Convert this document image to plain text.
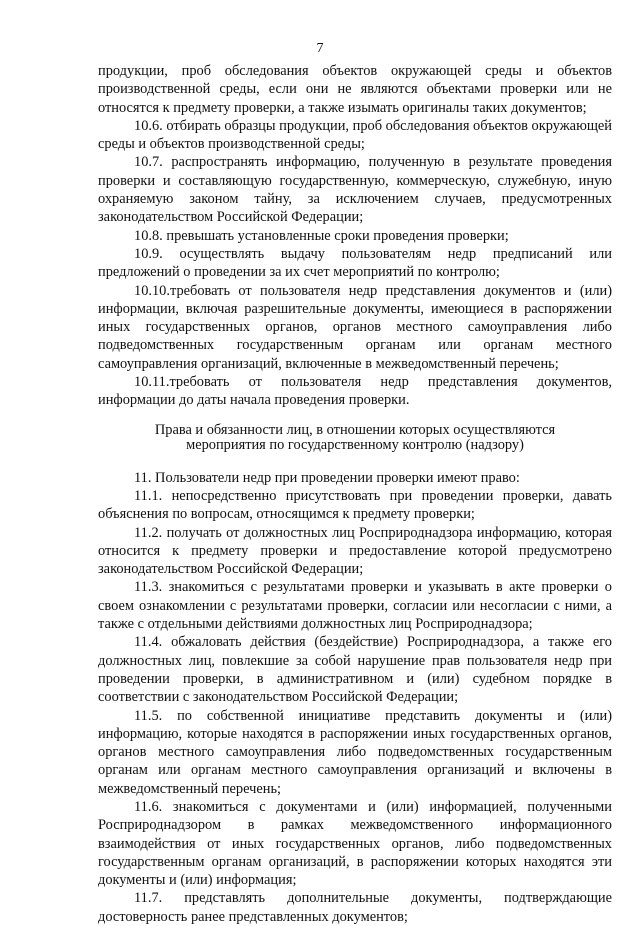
7

продукции, проб обследования объектов окружающей среды и объектов производственной среды, если они не являются объектами проверки или не относятся к предмету проверки, а также изымать оригиналы таких документов;

10.6. отбирать образцы продукции, проб обследования объектов окружающей среды и объектов производственной среды;

10.7. распространять информацию, полученную в результате проведения проверки и составляющую государственную, коммерческую, служебную, иную охраняемую законом тайну, за исключением случаев, предусмотренных законодательством Российской Федерации;

10.8. превышать установленные сроки проведения проверки;

10.9. осуществлять выдачу пользователям недр предписаний или предложений о проведении за их счет мероприятий по контролю;

10.10.требовать от пользователя недр представления документов и (или) информации, включая разрешительные документы, имеющиеся в распоряжении иных государственных органов, органов местного самоуправления либо подведомственных государственным органам или органам местного самоуправления организаций, включенные в межведомственный перечень;

10.11.требовать от пользователя недр представления документов, информации до даты начала проведения проверки.

Права и обязанности лиц, в отношении которых осуществляются
мероприятия по государственному контролю (надзору)

11. Пользователи недр при проведении проверки имеют право:

11.1. непосредственно присутствовать при проведении проверки, давать объяснения по вопросам, относящимся к предмету проверки;

11.2. получать от должностных лиц Росприроднадзора информацию, которая относится к предмету проверки и предоставление которой предусмотрено законодательством Российской Федерации;

11.3. знакомиться с результатами проверки и указывать в акте проверки о своем ознакомлении с результатами проверки, согласии или несогласии с ними, а также с отдельными действиями должностных лиц Росприроднадзора;

11.4. обжаловать действия (бездействие) Росприроднадзора, а также его должностных лиц, повлекшие за собой нарушение прав пользователя недр при проведении проверки, в административном и (или) судебном порядке в соответствии с законодательством Российской Федерации;

11.5. по собственной инициативе представить документы и (или) информацию, которые находятся в распоряжении иных государственных органов, органов местного самоуправления либо подведомственных государственным органам или органам местного самоуправления организаций и включены в межведомственный перечень;

11.6. знакомиться с документами и (или) информацией, полученными Росприроднадзором в рамках межведомственного информационного взаимодействия от иных государственных органов, либо подведомственных государственным органам организаций, в распоряжении которых находятся эти документы и (или) информация;

11.7. представлять дополнительные документы, подтверждающие достоверность ранее представленных документов;
